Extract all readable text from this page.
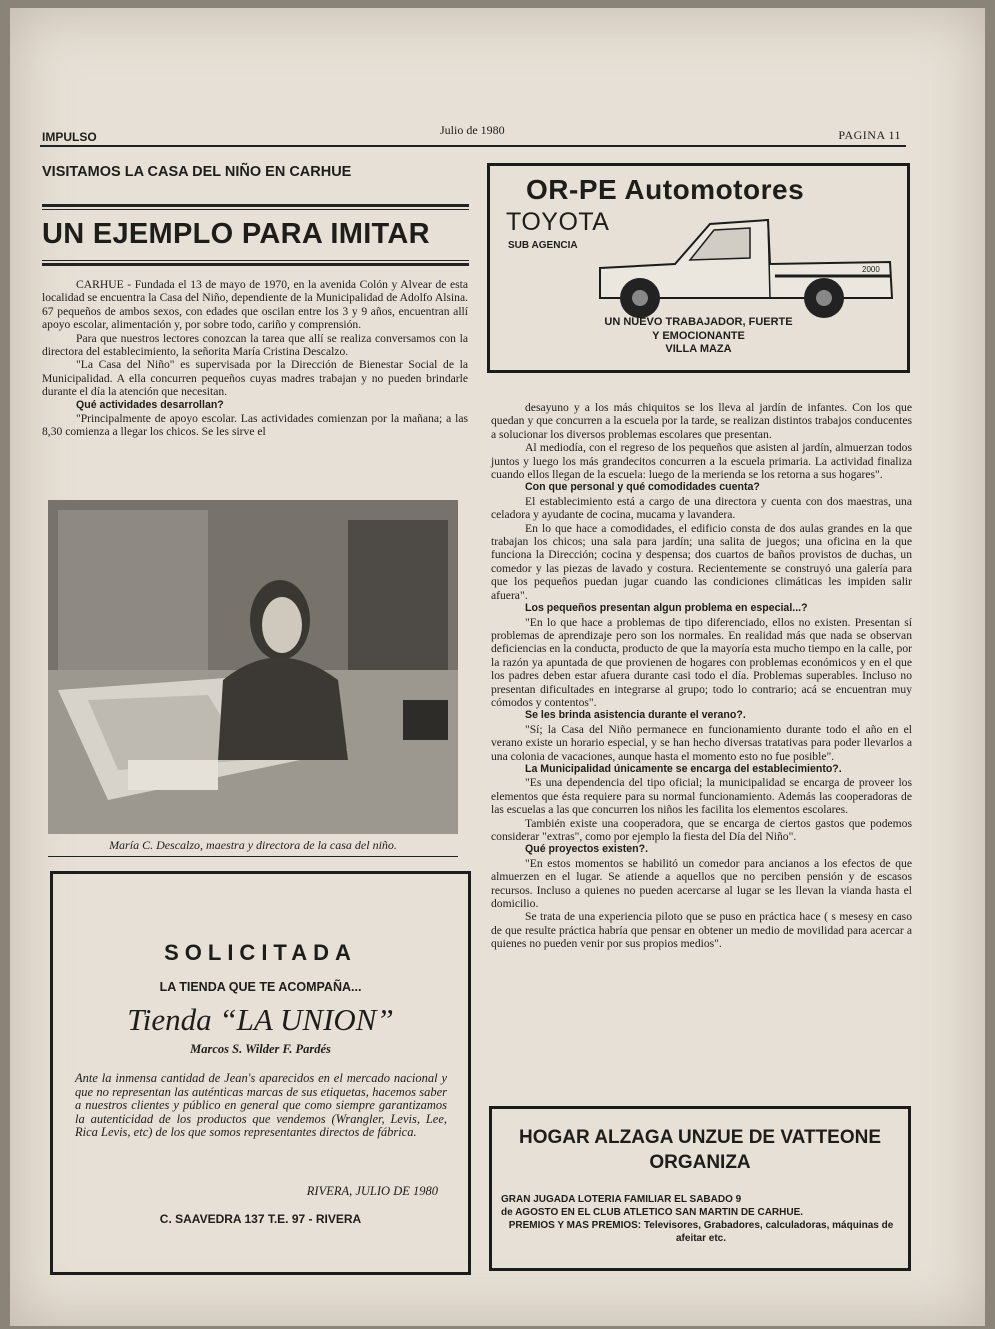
IMPULSO	Julio de 1980	PAGINA 11
VISITAMOS LA CASA DEL NIÑO EN CARHUE
UN EJEMPLO PARA IMITAR

CARHUE - Fundada el 13 de mayo de 1970, en la avenida Colón y Alvear de esta localidad se encuentra la Casa del Niño, dependiente de la Municipalidad de Adolfo Alsina. 67 pequeños de ambos sexos, con edades que oscilan entre los 3 y 9 años, encuentran allí apoyo escolar, alimentación y, por sobre todo, cariño y comprensión.

Para que nuestros lectores conozcan la tarea que allí se realiza conversamos con la directora del establecimiento, la señorita María Cristina Descalzo.

"La Casa del Niño" es supervisada por la Dirección de Bienestar Social de la Municipalidad. A ella concurren pequeños cuyas madres trabajan y no pueden brindarle durante el día la atención que necesitan.

Qué actividades desarrollan?

"Principalmente de apoyo escolar. Las actividades comienzan por la mañana; a las 8,30 comienza a llegar los chicos. Se les sirve el

María C. Descalzo, maestra y directora de la casa del niño.
SOLICITADA
LA TIENDA QUE TE ACOMPAÑA...
Tienda “LA UNION”
Marcos S. Wilder F. Pardés
Ante la inmensa cantidad de Jean's aparecidos en el mercado nacional y que no representan las auténticas marcas de sus etiquetas, hacemos saber a nuestros clientes y público en general que como siempre garantizamos la autenticidad de los productos que vendemos (Wrangler, Levis, Lee, Rica Levis, etc) de los que somos representantes directos de fábrica.
RIVERA, JULIO DE 1980
C. SAAVEDRA 137 T.E. 97 - RIVERA
OR-PE Automotores
TOYOTA
SUB AGENCIA
2000
UN NUEVO TRABAJADOR, FUERTE
Y EMOCIONANTE
VILLA MAZA

desayuno y a los más chiquitos se los lleva al jardín de infantes. Con los que quedan y que concurren a la escuela por la tarde, se realizan distintos trabajos conducentes a solucionar los diversos problemas escolares que presentan.

Al mediodía, con el regreso de los pequeños que asisten al jardín, almuerzan todos juntos y luego los más grandecitos concurren a la escuela primaria. La actividad finaliza cuando ellos llegan de la escuela: luego de la merienda se los retorna a sus hogares".

Con que personal y qué comodidades cuenta?

El establecimiento está a cargo de una directora y cuenta con dos maestras, una celadora y ayudante de cocina, mucama y lavandera.

En lo que hace a comodidades, el edificio consta de dos aulas grandes en la que trabajan los chicos; una sala para jardín; una salita de juegos; una oficina en la que funciona la Dirección; cocina y despensa; dos cuartos de baños provistos de duchas, un comedor y las piezas de lavado y costura. Recientemente se construyó una galería para que los pequeños puedan jugar cuando las condiciones climáticas les impiden salir afuera".

Los pequeños presentan algun problema en especial...?

"En lo que hace a problemas de tipo diferenciado, ellos no existen. Presentan sí problemas de aprendizaje pero son los normales. En realidad más que nada se observan deficiencias en la conducta, producto de que la mayoría esta mucho tiempo en la calle, por la razón ya apuntada de que provienen de hogares con problemas económicos y en el que los padres deben estar afuera durante casi todo el día. Problemas superables. Incluso no presentan dificultades en integrarse al grupo; todo lo contrario; acá se encuentran muy cómodos y contentos".

Se les brinda asistencia durante el verano?.

"Sí; la Casa del Niño permanece en funcionamiento durante todo el año en el verano existe un horario especial, y se han hecho diversas tratativas para poder llevarlos a una colonia de vacaciones, aunque hasta el momento esto no fue posible".

La Municipalidad únicamente se encarga del establecimiento?.

"Es una dependencia del tipo oficial; la municipalidad se encarga de proveer los elementos que ésta requiere para su normal funcionamiento. Además las cooperadoras de las escuelas a las que concurren los niños les facilita los elementos escolares.

También existe una cooperadora, que se encarga de ciertos gastos que podemos considerar "extras", como por ejemplo la fiesta del Día del Niño".

Qué proyectos existen?.

"En estos momentos se habilitó un comedor para ancianos a los efectos de que almuerzen en el lugar. Se atiende a aquellos que no perciben pensión y de escasos recursos. Incluso a quienes no pueden acercarse al lugar se les llevan la vianda hasta el domicilio.

Se trata de una experiencia piloto que se puso en práctica hace ( s mesesy en caso de que resulte práctica habría que pensar en obtener un medio de movilidad para acercar a quienes no pueden venir por sus propios medios".

HOGAR ALZAGA UNZUE DE VATTEONE
ORGANIZA
GRAN JUGADA LOTERIA FAMILIAR EL SABADO 9
de AGOSTO EN EL CLUB ATLETICO SAN MARTIN DE CARHUE.
PREMIOS Y MAS PREMIOS: Televisores, Grabadores, calculadoras, máquinas de afeitar etc.
